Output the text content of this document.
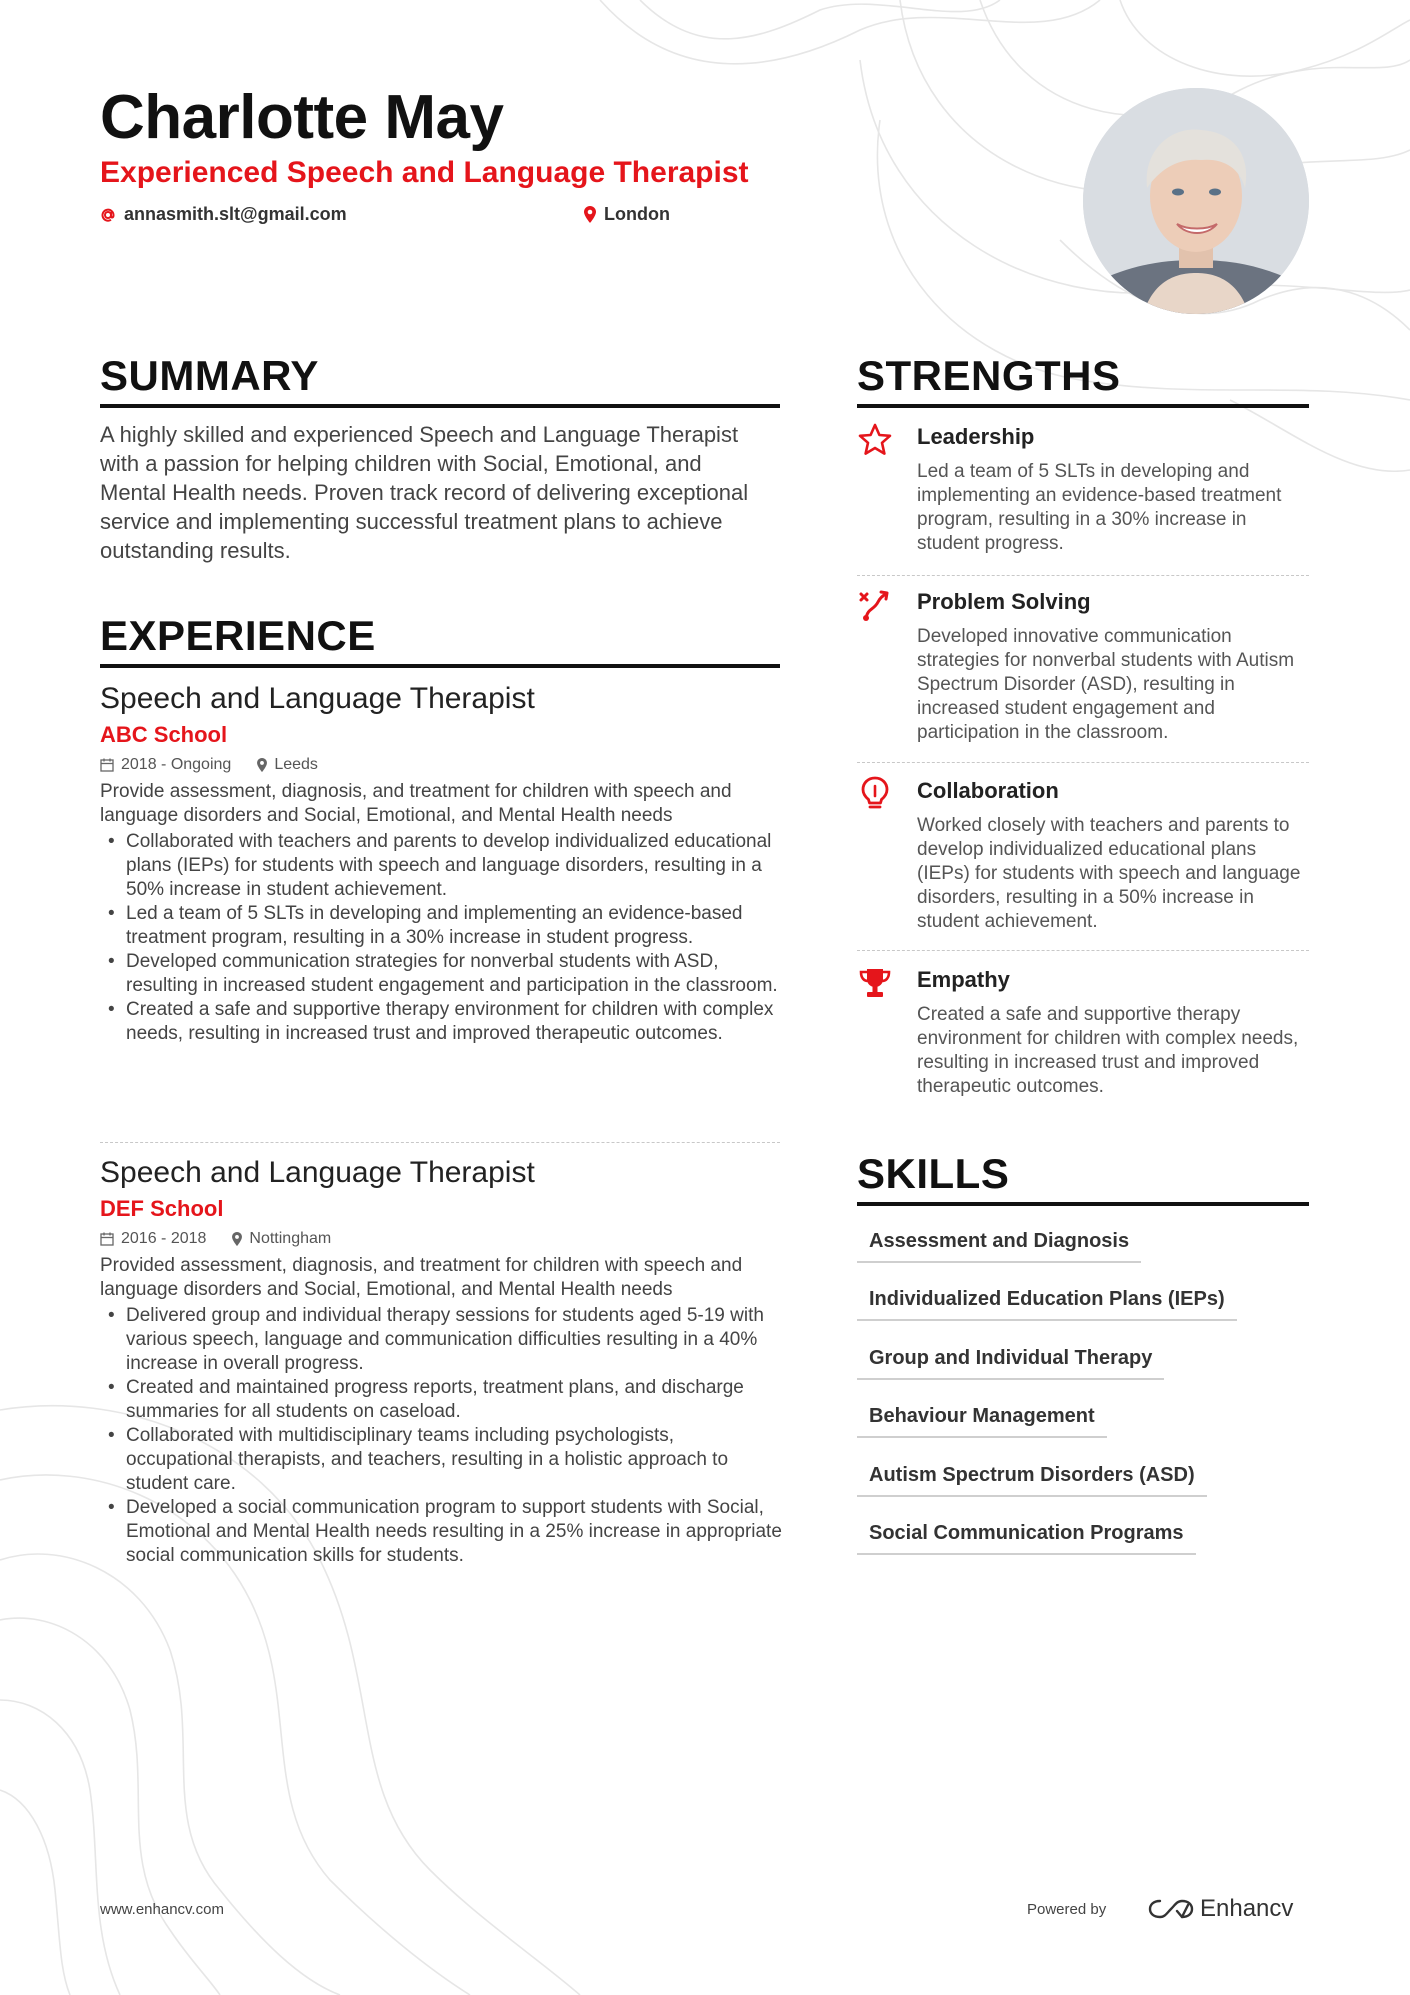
Charlotte May
Experienced Speech and Language Therapist
annasmith.slt@gmail.com	London
SUMMARY

A highly skilled and experienced Speech and Language Therapist with a passion for helping children with Social, Emotional, and Mental Health needs. Proven track record of delivering exceptional service and implementing successful treatment plans to achieve outstanding results.

EXPERIENCE
Speech and Language Therapist
ABC School
2018 - Ongoing	Leeds
Provide assessment, diagnosis, and treatment for children with speech and language disorders and Social, Emotional, and Mental Health needs
• Collaborated with teachers and parents to develop individualized educational plans (IEPs) for students with speech and language disorders, resulting in a 50% increase in student achievement.
• Led a team of 5 SLTs in developing and implementing an evidence-based treatment program, resulting in a 30% increase in student progress.
• Developed communication strategies for nonverbal students with ASD, resulting in increased student engagement and participation in the classroom.
• Created a safe and supportive therapy environment for children with complex needs, resulting in increased trust and improved therapeutic outcomes.
Speech and Language Therapist
DEF School
2016 - 2018	Nottingham
Provided assessment, diagnosis, and treatment for children with speech and language disorders and Social, Emotional, and Mental Health needs
• Delivered group and individual therapy sessions for students aged 5-19 with various speech, language and communication difficulties resulting in a 40% increase in overall progress.
• Created and maintained progress reports, treatment plans, and discharge summaries for all students on caseload.
• Collaborated with multidisciplinary teams including psychologists, occupational therapists, and teachers, resulting in a holistic approach to student care.
• Developed a social communication program to support students with Social, Emotional and Mental Health needs resulting in a 25% increase in appropriate social communication skills for students.
STRENGTHS
Leadership

Led a team of 5 SLTs in developing and implementing an evidence-based treatment program, resulting in a 30% increase in student progress.

Problem Solving

Developed innovative communication strategies for nonverbal students with Autism Spectrum Disorder (ASD), resulting in increased student engagement and participation in the classroom.

Collaboration

Worked closely with teachers and parents to develop individualized educational plans (IEPs) for students with speech and language disorders, resulting in a 50% increase in student achievement.

Empathy

Created a safe and supportive therapy environment for children with complex needs, resulting in increased trust and improved therapeutic outcomes.

SKILLS
Assessment and Diagnosis
Individualized Education Plans (IEPs)
Group and Individual Therapy
Behaviour Management
Autism Spectrum Disorders (ASD)
Social Communication Programs
www.enhancv.com	Powered by	Enhancv
